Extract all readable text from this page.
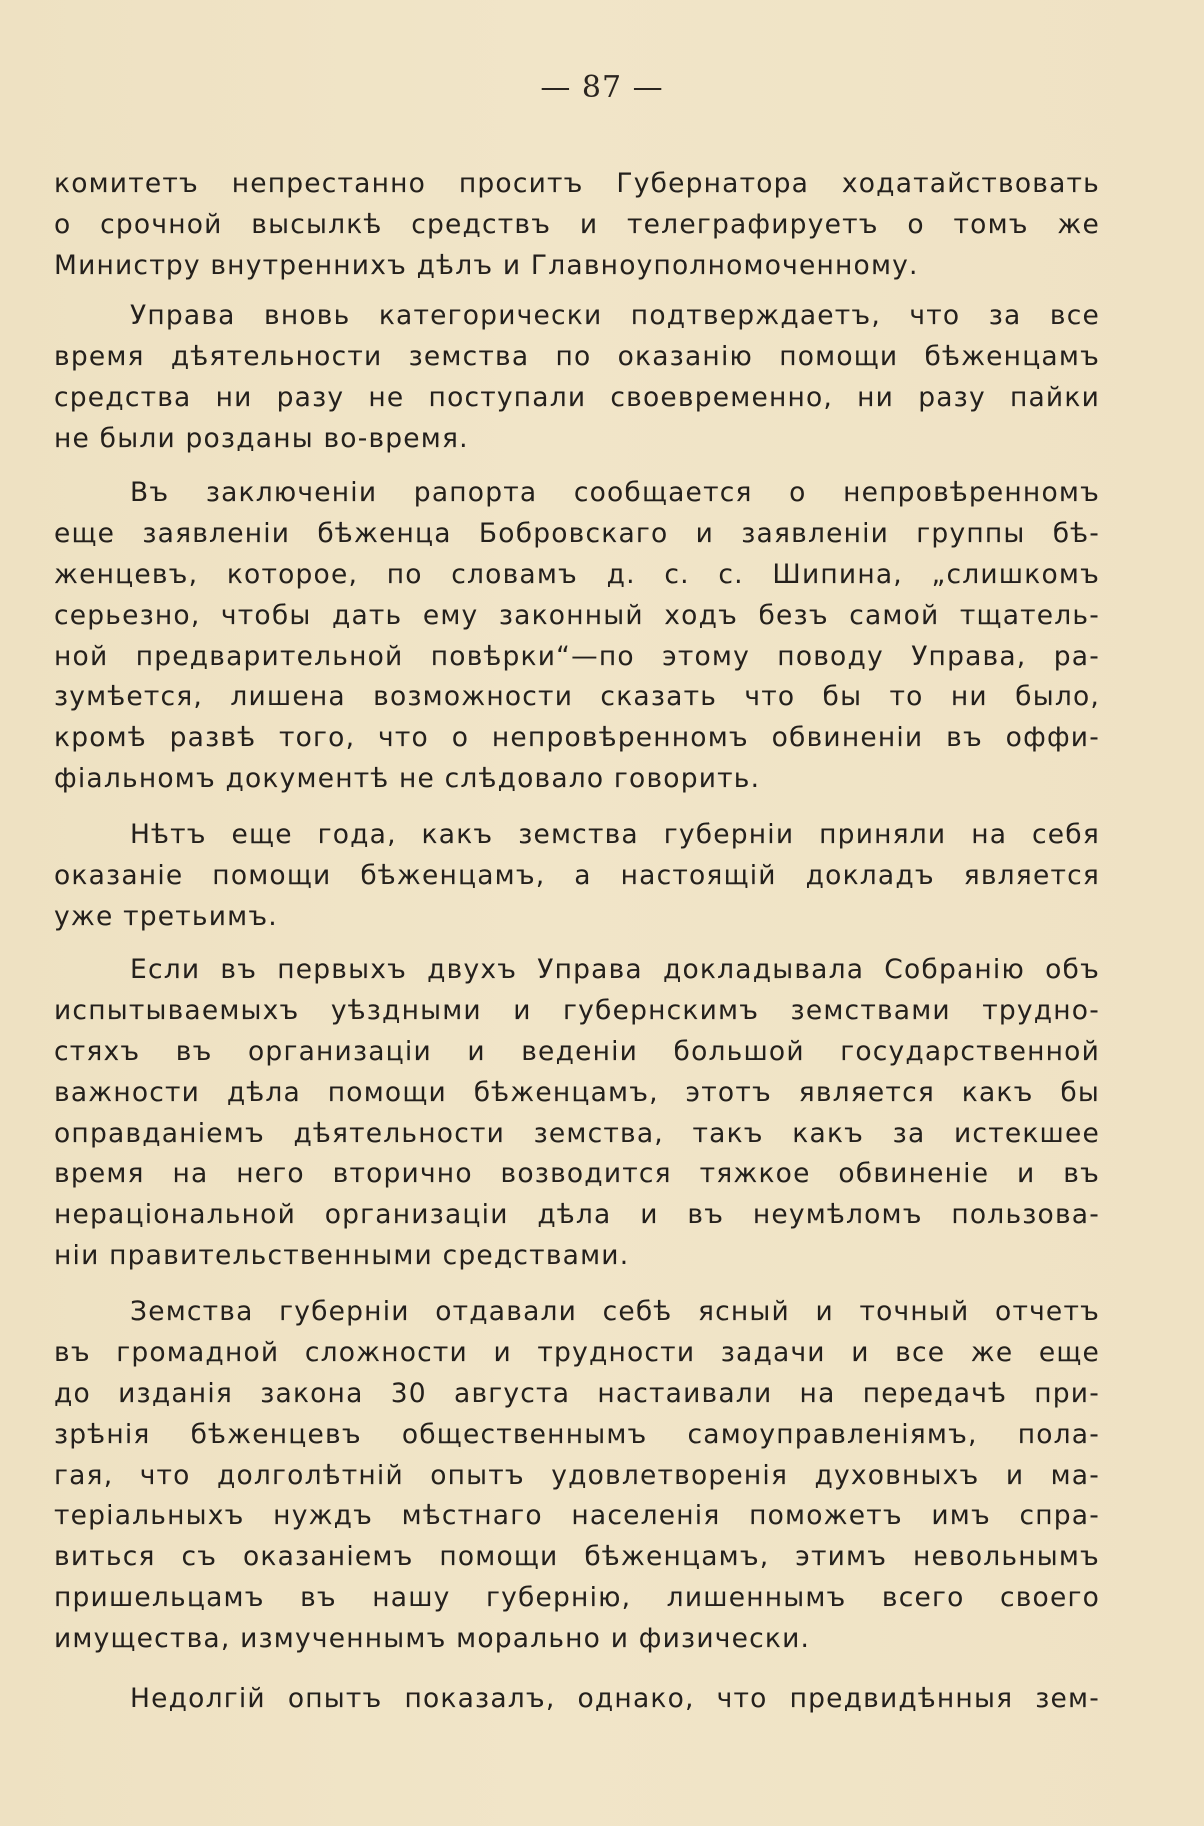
— 87 —
комитетъ непрестанно проситъ Губернатора ходатайствовать
о срочной высылкѣ средствъ и телеграфируетъ о томъ же
Министру внутреннихъ дѣлъ и Главноуполномоченному.
Управа вновь категорически подтверждаетъ, что за все
время дѣятельности земства по оказанію помощи бѣженцамъ
средства ни разу не поступали своевременно, ни разу пайки
не были розданы во-время.
Въ заключеніи рапорта сообщается о непровѣренномъ
еще заявленіи бѣженца Бобровскаго и заявленіи группы бѣ-
женцевъ, которое, по словамъ д. с. с. Шипина, „слишкомъ
серьезно, чтобы дать ему законный ходъ безъ самой тщатель-
ной предварительной повѣрки“—по этому поводу Управа, ра-
зумѣется, лишена возможности сказать что бы то ни было,
кромѣ развѣ того, что о непровѣренномъ обвиненіи въ оффи-
фіальномъ документѣ не слѣдовало говорить.
Нѣтъ еще года, какъ земства губерніи приняли на себя
оказаніе помощи бѣженцамъ, а настоящій докладъ является
уже третьимъ.
Если въ первыхъ двухъ Управа докладывала Собранію объ
испытываемыхъ уѣздными и губернскимъ земствами трудно-
стяхъ въ организаціи и веденіи большой государственной
важности дѣла помощи бѣженцамъ, этотъ является какъ бы
оправданіемъ дѣятельности земства, такъ какъ за истекшее
время на него вторично возводится тяжкое обвиненіе и въ
нераціональной организаціи дѣла и въ неумѣломъ пользова-
ніи правительственными средствами.
Земства губерніи отдавали себѣ ясный и точный отчетъ
въ громадной сложности и трудности задачи и все же еще
до изданія закона 30 августа настаивали на передачѣ при-
зрѣнія бѣженцевъ общественнымъ самоуправленіямъ, пола-
гая, что долголѣтній опытъ удовлетворенія духовныхъ и ма-
теріальныхъ нуждъ мѣстнаго населенія поможетъ имъ спра-
виться съ оказаніемъ помощи бѣженцамъ, этимъ невольнымъ
пришельцамъ въ нашу губернію, лишеннымъ всего своего
имущества, измученнымъ морально и физически.
Недолгій опытъ показалъ, однако, что предвидѣнныя зем-
